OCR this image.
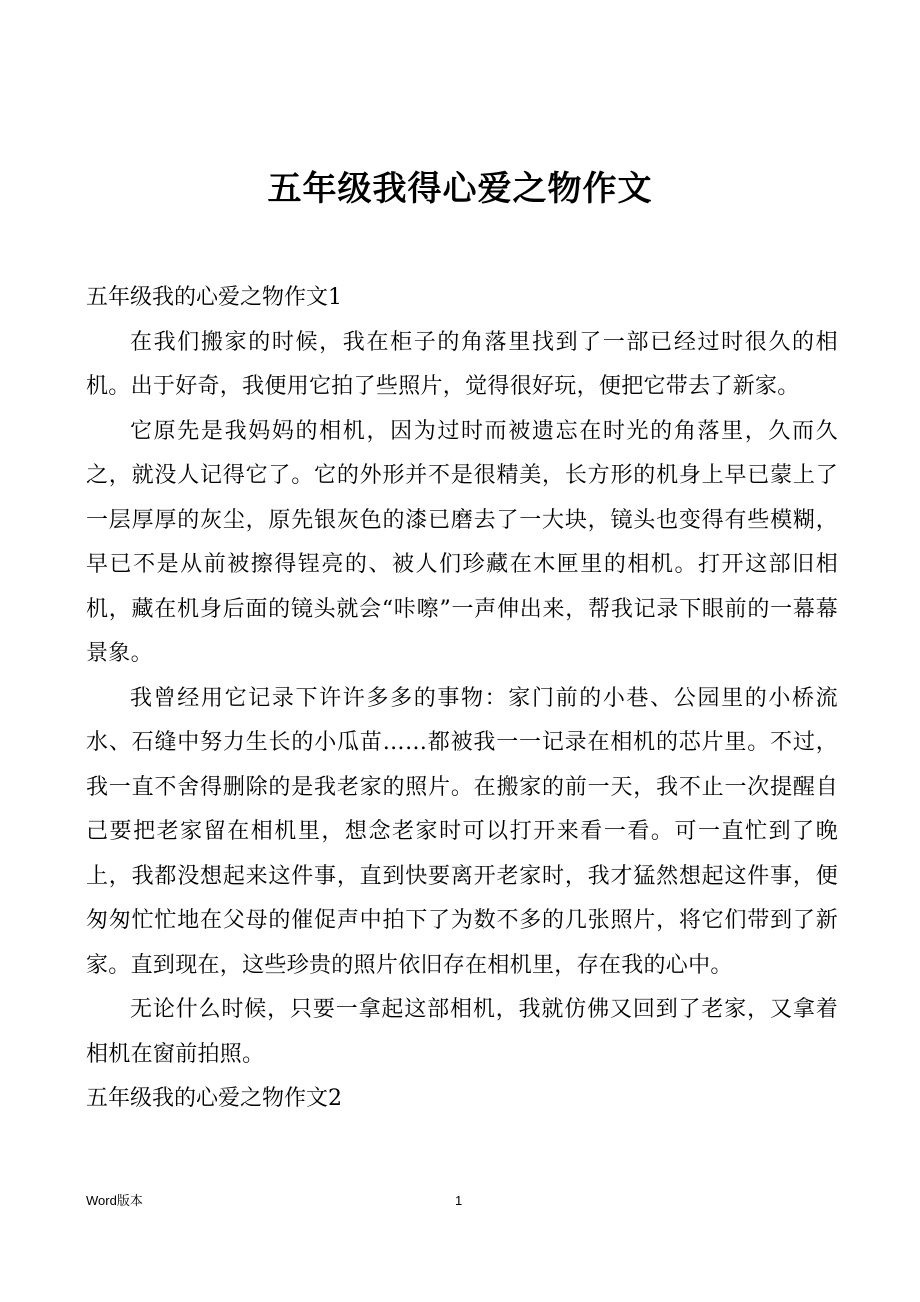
五年级我得心爱之物作文
五年级我的心爱之物作文1

在我们搬家的时候，我在柜子的角落里找到了一部已经过时很久的相机。出于好奇，我便用它拍了些照片，觉得很好玩，便把它带去了新家。

它原先是我妈妈的相机，因为过时而被遗忘在时光的角落里，久而久之，就没人记得它了。它的外形并不是很精美，长方形的机身上早已蒙上了一层厚厚的灰尘，原先银灰色的漆已磨去了一大块，镜头也变得有些模糊，早已不是从前被擦得锃亮的、被人们珍藏在木匣里的相机。打开这部旧相机，藏在机身后面的镜头就会“咔嚓”一声伸出来，帮我记录下眼前的一幕幕景象。

我曾经用它记录下许许多多的事物：家门前的小巷、公园里的小桥流水、石缝中努力生长的小瓜苗……都被我一一记录在相机的芯片里。不过，我一直不舍得删除的是我老家的照片。在搬家的前一天，我不止一次提醒自己要把老家留在相机里，想念老家时可以打开来看一看。可一直忙到了晚上，我都没想起来这件事，直到快要离开老家时，我才猛然想起这件事，便匆匆忙忙地在父母的催促声中拍下了为数不多的几张照片，将它们带到了新家。直到现在，这些珍贵的照片依旧存在相机里，存在我的心中。

无论什么时候，只要一拿起这部相机，我就仿佛又回到了老家，又拿着相机在窗前拍照。

五年级我的心爱之物作文2
Word版本	1
